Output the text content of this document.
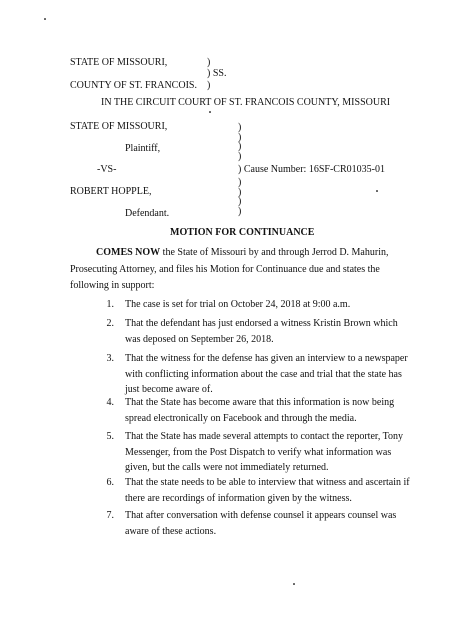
STATE OF MISSOURI,	)
) SS.
COUNTY OF ST. FRANCOIS. )
IN THE CIRCUIT COURT OF ST. FRANCOIS COUNTY, MISSOURI
STATE OF MISSOURI,
Plaintiff,
-VS-
ROBERT HOPPLE,
Defendant.
)
)
)
)
) Cause Number: 16SF-CR01035-01
)
)
)
)
MOTION FOR CONTINUANCE
COMES NOW the State of Missouri by and through Jerrod D. Mahurin, Prosecuting Attorney, and files his Motion for Continuance due and states the following in support:
1. The case is set for trial on October 24, 2018 at 9:00 a.m.
2. That the defendant has just endorsed a witness Kristin Brown which was deposed on September 26, 2018.
3. That the witness for the defense has given an interview to a newspaper with conflicting information about the case and trial that the state has just become aware of.
4. That the State has become aware that this information is now being spread electronically on Facebook and through the media.
5. That the State has made several attempts to contact the reporter, Tony Messenger, from the Post Dispatch to verify what information was given, but the calls were not immediately returned.
6. That the state needs to be able to interview that witness and ascertain if there are recordings of information given by the witness.
7. That after conversation with defense counsel it appears counsel was aware of these actions.
